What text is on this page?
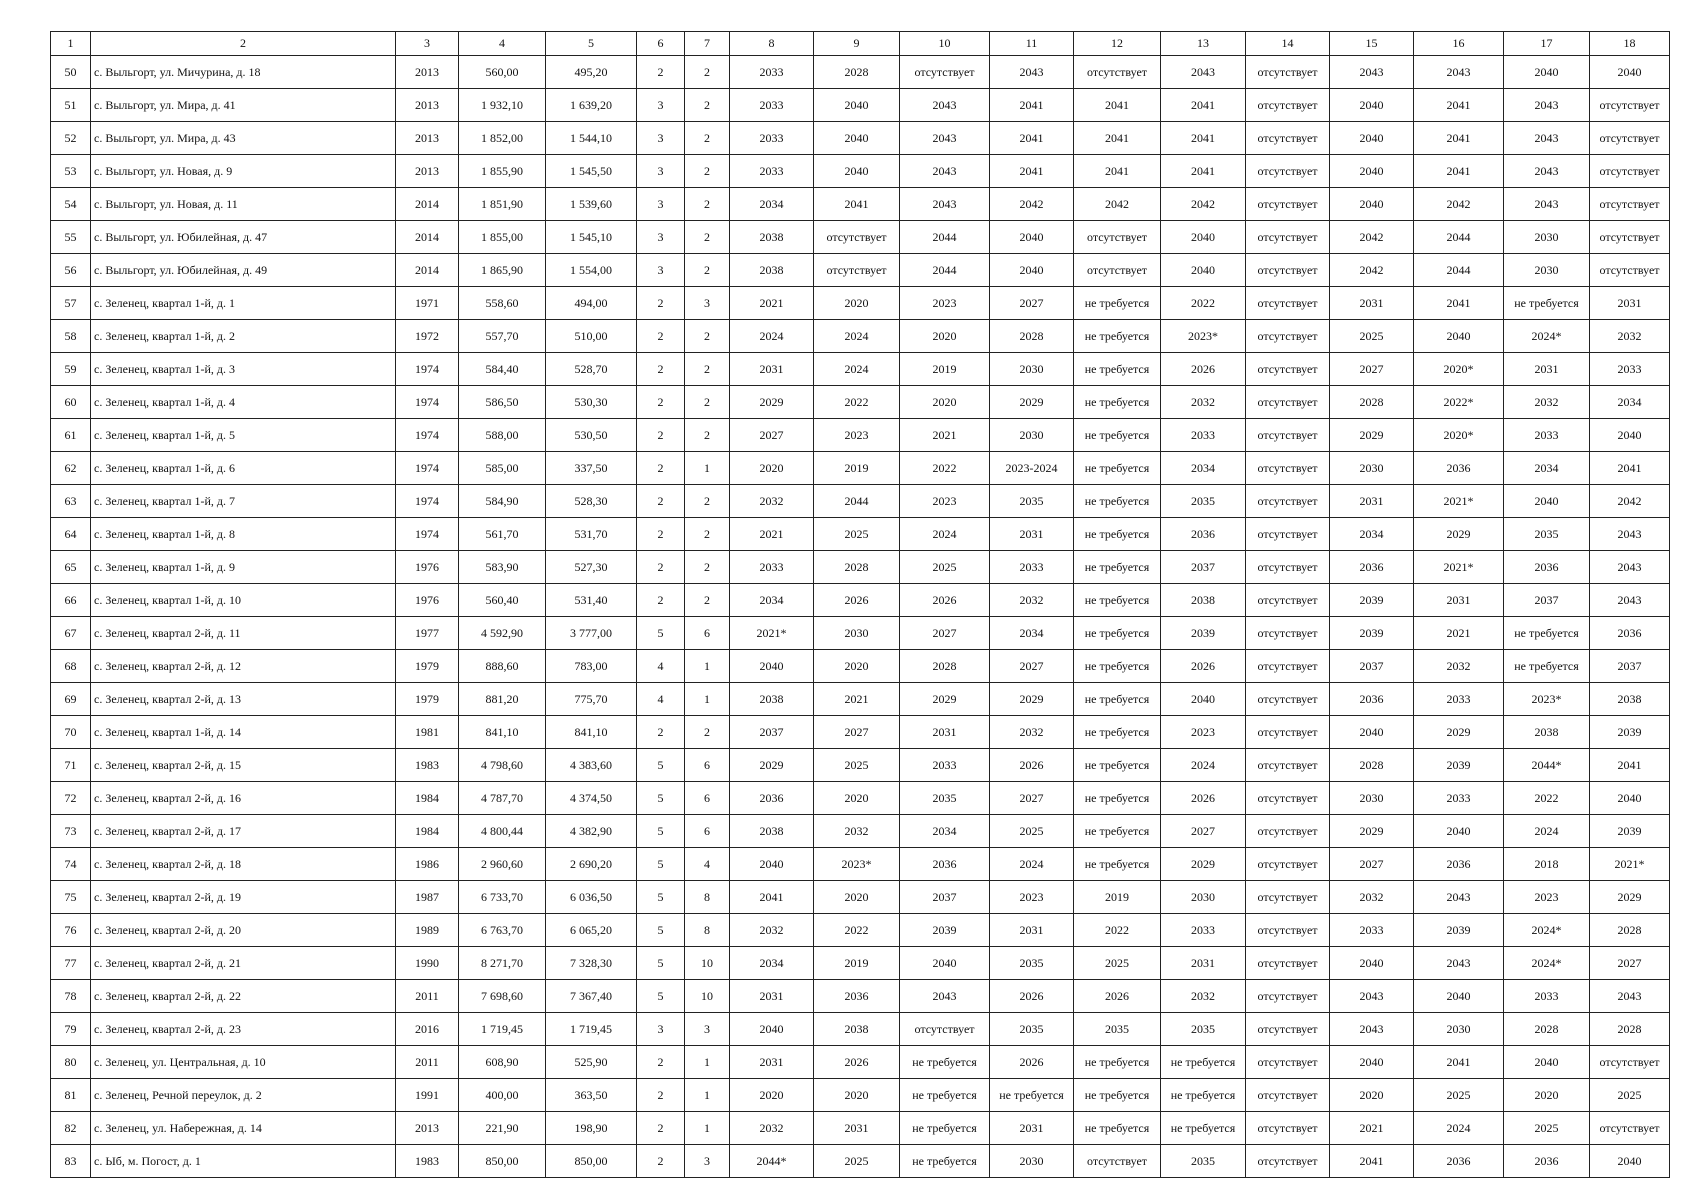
1	2	3	4	5	6	7	8	9	10	11	12	13	14	15	16	17	18
50	с. Выльгорт, ул. Мичурина, д. 18	2013	560,00	495,20	2	2	2033	2028	отсутствует	2043	отсутствует	2043	отсутствует	2043	2043	2040	2040
51	с. Выльгорт, ул. Мира, д. 41	2013	1 932,10	1 639,20	3	2	2033	2040	2043	2041	2041	2041	отсутствует	2040	2041	2043	отсутствует
52	с. Выльгорт, ул. Мира, д. 43	2013	1 852,00	1 544,10	3	2	2033	2040	2043	2041	2041	2041	отсутствует	2040	2041	2043	отсутствует
53	с. Выльгорт, ул. Новая, д. 9	2013	1 855,90	1 545,50	3	2	2033	2040	2043	2041	2041	2041	отсутствует	2040	2041	2043	отсутствует
54	с. Выльгорт, ул. Новая, д. 11	2014	1 851,90	1 539,60	3	2	2034	2041	2043	2042	2042	2042	отсутствует	2040	2042	2043	отсутствует
55	с. Выльгорт, ул. Юбилейная, д. 47	2014	1 855,00	1 545,10	3	2	2038	отсутствует	2044	2040	отсутствует	2040	отсутствует	2042	2044	2030	отсутствует
56	с. Выльгорт, ул. Юбилейная, д. 49	2014	1 865,90	1 554,00	3	2	2038	отсутствует	2044	2040	отсутствует	2040	отсутствует	2042	2044	2030	отсутствует
57	с. Зеленец, квартал 1-й, д. 1	1971	558,60	494,00	2	3	2021	2020	2023	2027	не требуется	2022	отсутствует	2031	2041	не требуется	2031
58	с. Зеленец, квартал 1-й, д. 2	1972	557,70	510,00	2	2	2024	2024	2020	2028	не требуется	2023*	отсутствует	2025	2040	2024*	2032
59	с. Зеленец, квартал 1-й, д. 3	1974	584,40	528,70	2	2	2031	2024	2019	2030	не требуется	2026	отсутствует	2027	2020*	2031	2033
60	с. Зеленец, квартал 1-й, д. 4	1974	586,50	530,30	2	2	2029	2022	2020	2029	не требуется	2032	отсутствует	2028	2022*	2032	2034
61	с. Зеленец, квартал 1-й, д. 5	1974	588,00	530,50	2	2	2027	2023	2021	2030	не требуется	2033	отсутствует	2029	2020*	2033	2040
62	с. Зеленец, квартал 1-й, д. 6	1974	585,00	337,50	2	1	2020	2019	2022	2023-2024	не требуется	2034	отсутствует	2030	2036	2034	2041
63	с. Зеленец, квартал 1-й, д. 7	1974	584,90	528,30	2	2	2032	2044	2023	2035	не требуется	2035	отсутствует	2031	2021*	2040	2042
64	с. Зеленец, квартал 1-й, д. 8	1974	561,70	531,70	2	2	2021	2025	2024	2031	не требуется	2036	отсутствует	2034	2029	2035	2043
65	с. Зеленец, квартал 1-й, д. 9	1976	583,90	527,30	2	2	2033	2028	2025	2033	не требуется	2037	отсутствует	2036	2021*	2036	2043
66	с. Зеленец, квартал 1-й, д. 10	1976	560,40	531,40	2	2	2034	2026	2026	2032	не требуется	2038	отсутствует	2039	2031	2037	2043
67	с. Зеленец, квартал 2-й, д. 11	1977	4 592,90	3 777,00	5	6	2021*	2030	2027	2034	не требуется	2039	отсутствует	2039	2021	не требуется	2036
68	с. Зеленец, квартал 2-й, д. 12	1979	888,60	783,00	4	1	2040	2020	2028	2027	не требуется	2026	отсутствует	2037	2032	не требуется	2037
69	с. Зеленец, квартал 2-й, д. 13	1979	881,20	775,70	4	1	2038	2021	2029	2029	не требуется	2040	отсутствует	2036	2033	2023*	2038
70	с. Зеленец, квартал 1-й, д. 14	1981	841,10	841,10	2	2	2037	2027	2031	2032	не требуется	2023	отсутствует	2040	2029	2038	2039
71	с. Зеленец, квартал 2-й, д. 15	1983	4 798,60	4 383,60	5	6	2029	2025	2033	2026	не требуется	2024	отсутствует	2028	2039	2044*	2041
72	с. Зеленец, квартал 2-й, д. 16	1984	4 787,70	4 374,50	5	6	2036	2020	2035	2027	не требуется	2026	отсутствует	2030	2033	2022	2040
73	с. Зеленец, квартал 2-й, д. 17	1984	4 800,44	4 382,90	5	6	2038	2032	2034	2025	не требуется	2027	отсутствует	2029	2040	2024	2039
74	с. Зеленец, квартал 2-й, д. 18	1986	2 960,60	2 690,20	5	4	2040	2023*	2036	2024	не требуется	2029	отсутствует	2027	2036	2018	2021*
75	с. Зеленец, квартал 2-й, д. 19	1987	6 733,70	6 036,50	5	8	2041	2020	2037	2023	2019	2030	отсутствует	2032	2043	2023	2029
76	с. Зеленец, квартал 2-й, д. 20	1989	6 763,70	6 065,20	5	8	2032	2022	2039	2031	2022	2033	отсутствует	2033	2039	2024*	2028
77	с. Зеленец, квартал 2-й, д. 21	1990	8 271,70	7 328,30	5	10	2034	2019	2040	2035	2025	2031	отсутствует	2040	2043	2024*	2027
78	с. Зеленец, квартал 2-й, д. 22	2011	7 698,60	7 367,40	5	10	2031	2036	2043	2026	2026	2032	отсутствует	2043	2040	2033	2043
79	с. Зеленец, квартал 2-й, д. 23	2016	1 719,45	1 719,45	3	3	2040	2038	отсутствует	2035	2035	2035	отсутствует	2043	2030	2028	2028
80	с. Зеленец, ул. Центральная, д. 10	2011	608,90	525,90	2	1	2031	2026	не требуется	2026	не требуется	не требуется	отсутствует	2040	2041	2040	отсутствует
81	с. Зеленец, Речной переулок, д. 2	1991	400,00	363,50	2	1	2020	2020	не требуется	не требуется	не требуется	не требуется	отсутствует	2020	2025	2020	2025
82	с. Зеленец, ул. Набережная, д. 14	2013	221,90	198,90	2	1	2032	2031	не требуется	2031	не требуется	не требуется	отсутствует	2021	2024	2025	отсутствует
83	с. Ыб, м. Погост, д. 1	1983	850,00	850,00	2	3	2044*	2025	не требуется	2030	отсутствует	2035	отсутствует	2041	2036	2036	2040
